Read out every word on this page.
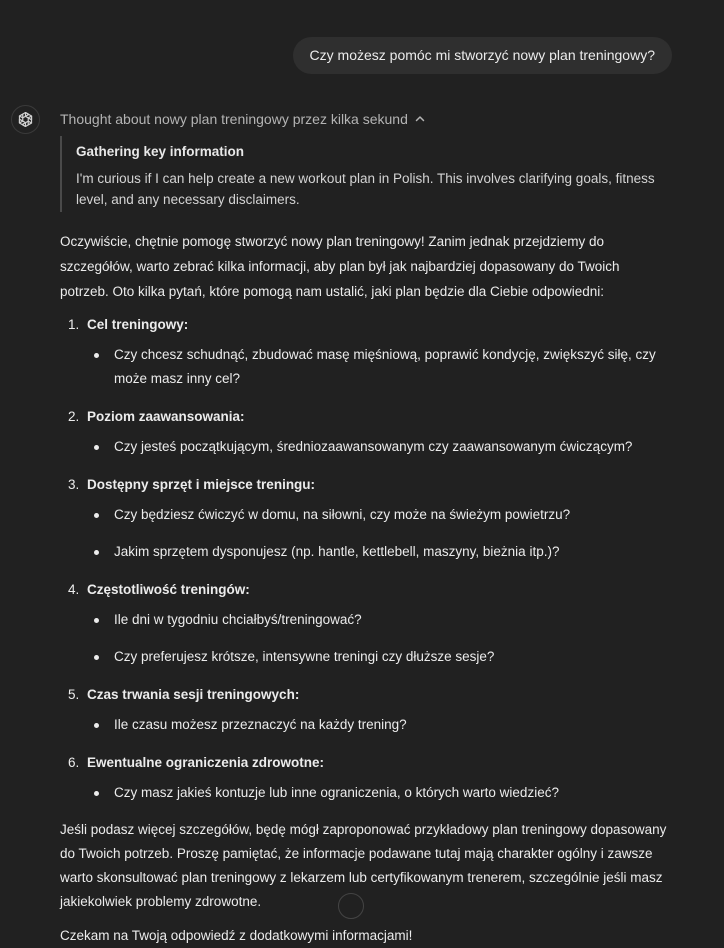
Czy możesz pomóc mi stworzyć nowy plan treningowy?
Thought about nowy plan treningowy przez kilka sekund
Gathering key information
I'm curious if I can help create a new workout plan in Polish. This involves clarifying goals, fitness level, and any necessary disclaimers.
Oczywiście, chętnie pomogę stworzyć nowy plan treningowy! Zanim jednak przejdziemy do szczegółów, warto zebrać kilka informacji, aby plan był jak najbardziej dopasowany do Twoich potrzeb. Oto kilka pytań, które pomogą nam ustalić, jaki plan będzie dla Ciebie odpowiedni:
1. Cel treningowy:
Czy chcesz schudnąć, zbudować masę mięśniową, poprawić kondycję, zwiększyć siłę, czy może masz inny cel?
2. Poziom zaawansowania:
Czy jesteś początkującym, średniozaawansowanym czy zaawansowanym ćwiczącym?
3. Dostępny sprzęt i miejsce treningu:
Czy będziesz ćwiczyć w domu, na siłowni, czy może na świeżym powietrzu?
Jakim sprzętem dysponujesz (np. hantle, kettlebell, maszyny, bieżnia itp.)?
4. Częstotliwość treningów:
Ile dni w tygodniu chciałbyś/treningować?
Czy preferujesz krótsze, intensywne treningi czy dłuższe sesje?
5. Czas trwania sesji treningowych:
Ile czasu możesz przeznaczyć na każdy trening?
6. Ewentualne ograniczenia zdrowotne:
Czy masz jakieś kontuzje lub inne ograniczenia, o których warto wiedzieć?
Jeśli podasz więcej szczegółów, będę mógł zaproponować przykładowy plan treningowy dopasowany do Twoich potrzeb. Proszę pamiętać, że informacje podawane tutaj mają charakter ogólny i zawsze warto skonsultować plan treningowy z lekarzem lub certyfikowanym trenerem, szczególnie jeśli masz jakiekolwiek problemy zdrowotne.
Czekam na Twoją odpowiedź z dodatkowymi informacjami!
